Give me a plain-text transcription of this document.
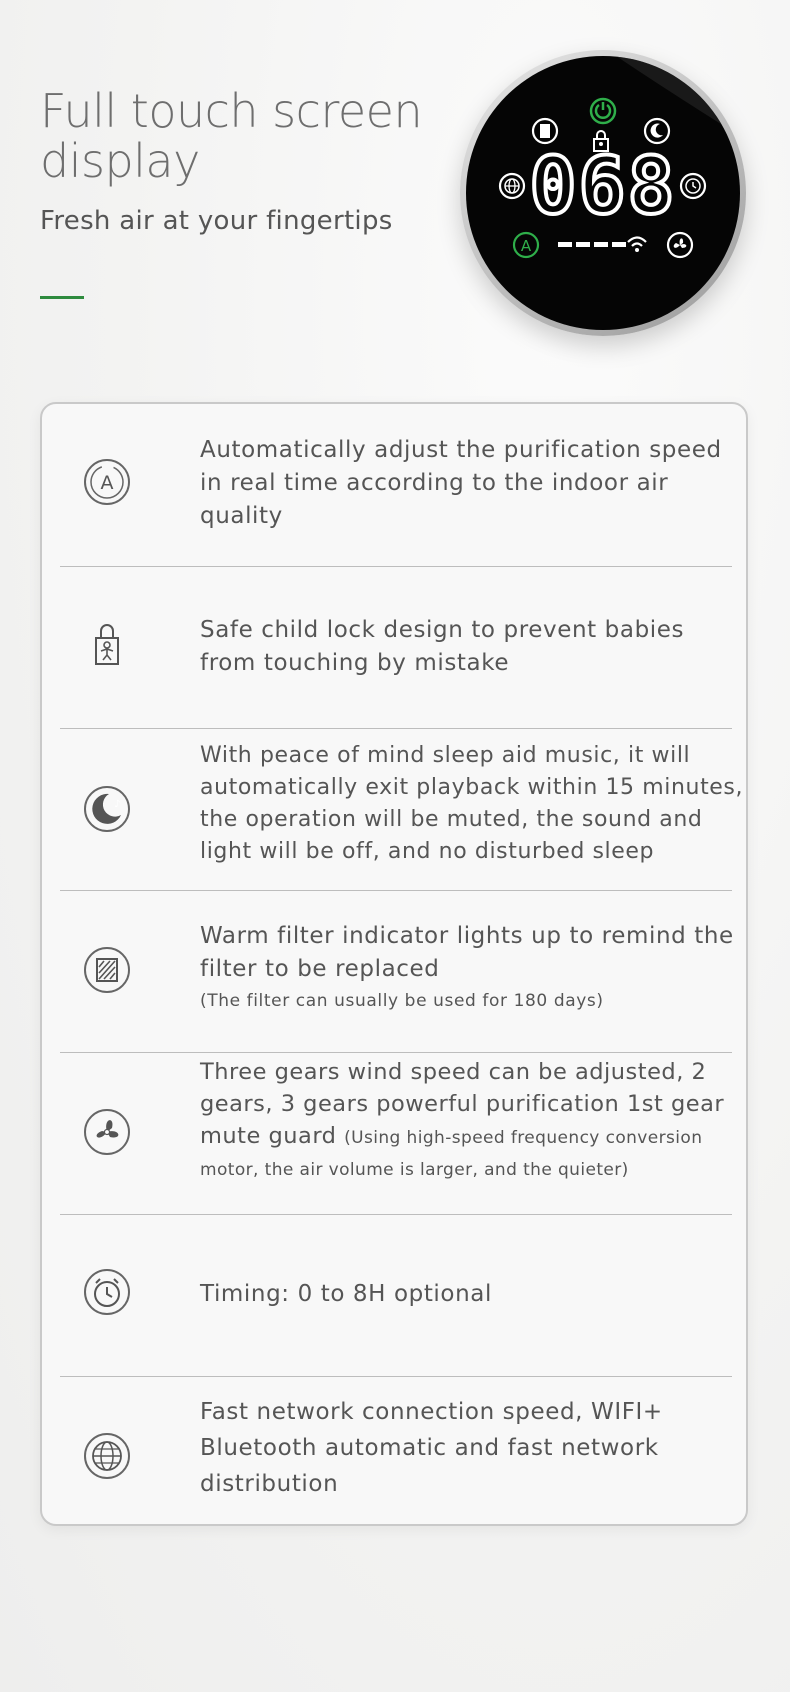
Full touch screen display
Fresh air at your fingertips 068
A
A
Automatically adjust the purification speed in real time according to the indoor air quality
Safe child lock design to prevent babies from touching by mistake
♪
With peace of mind sleep aid music, it will automatically exit playback within 15 minutes, the operation will be muted, the sound and light will be off, and no disturbed sleep
Warm filter indicator lights up to remind the filter to be replaced
(The filter can usually be used for 180 days)
Three gears wind speed can be adjusted, 2 gears, 3 gears powerful purification 1st gear mute guard (Using high-speed frequency conversion motor, the air volume is larger, and the quieter)
Timing: 0 to 8H optional
Fast network connection speed, WIFI+ Bluetooth automatic and fast network distribution
